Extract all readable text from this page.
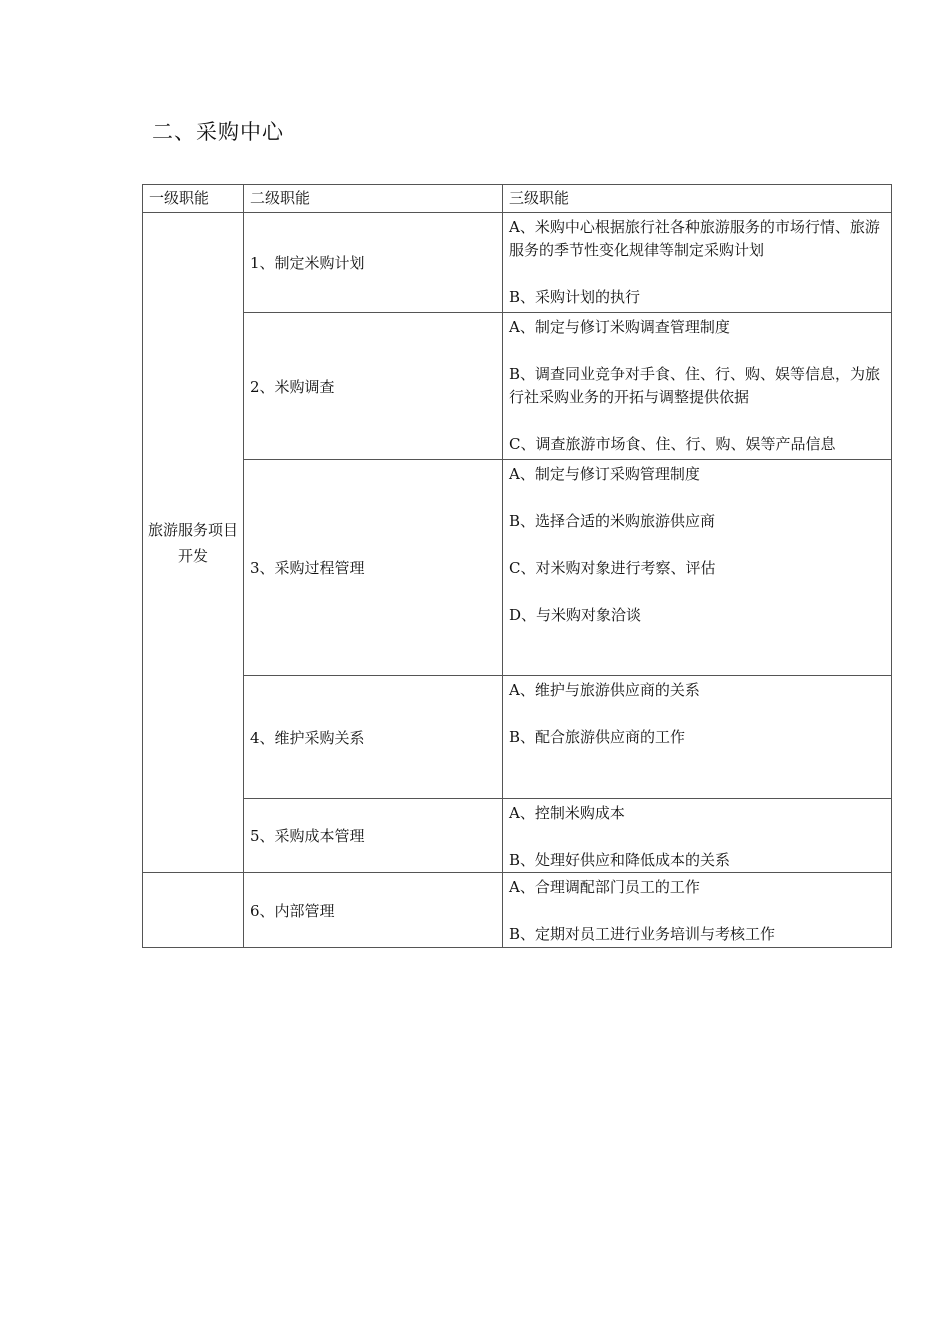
二、采购中心
一级职能	二级职能	三级职能
旅游服务项目开发	1、制定米购计划	A、米购中心根据旅行社各种旅游服务的市场行情、旅游服务的季节性变化规律等制定采购计划
B、采购计划的执行

	2、米购调查	A、制定与修订米购调查管理制度
B、调查同业竞争对手食、住、行、购、娱等信息，为旅行社采购业务的开拓与调整提供依据
C、调查旅游市场食、住、行、购、娱等产品信息

	3、采购过程管理	A、制定与修订采购管理制度
B、选择合适的米购旅游供应商
C、对米购对象进行考察、评估
D、与米购对象洽谈

	4、维护采购关系	A、维护与旅游供应商的关系
B、配合旅游供应商的工作

	5、采购成本管理	A、控制米购成本
B、处理好供应和降低成本的关系

	6、内部管理	A、合理调配部门员工的工作
B、定期对员工进行业务培训与考核工作
